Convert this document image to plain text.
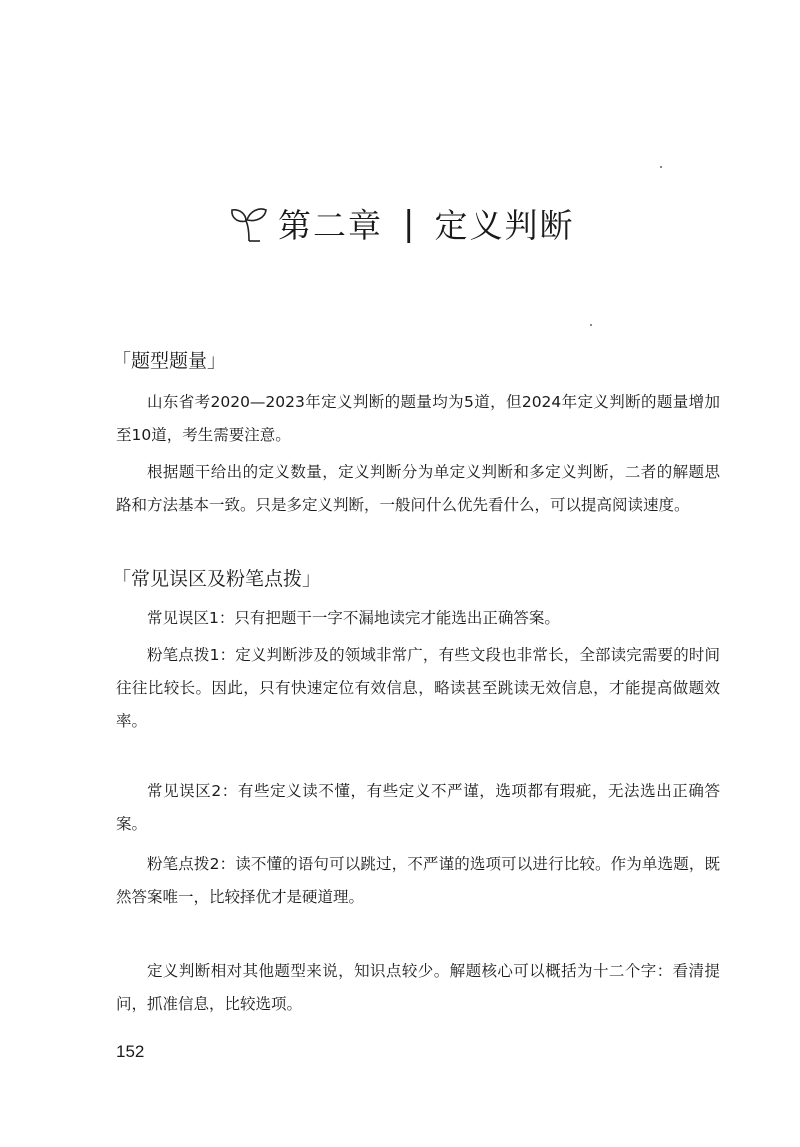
第二章 | 定义判断
「 题型题量 」

山东省考2020—2023年定义判断的题量均为5道，但2024年定义判断的题量增加至10道，考生需要注意。

根据题干给出的定义数量，定义判断分为单定义判断和多定义判断，二者的解题思路和方法基本一致。只是多定义判断，一般问什么优先看什么，可以提高阅读速度。

「 常见误区及粉笔点拨 」

常见误区1：只有把题干一字不漏地读完才能选出正确答案。

粉笔点拨1：定义判断涉及的领域非常广，有些文段也非常长，全部读完需要的时间往往比较长。因此，只有快速定位有效信息，略读甚至跳读无效信息，才能提高做题效率。

常见误区2：有些定义读不懂，有些定义不严谨，选项都有瑕疵，无法选出正确答案。

粉笔点拨2：读不懂的语句可以跳过，不严谨的选项可以进行比较。作为单选题，既然答案唯一，比较择优才是硬道理。

定义判断相对其他题型来说，知识点较少。解题核心可以概括为十二个字：看清提问，抓准信息，比较选项。

152
